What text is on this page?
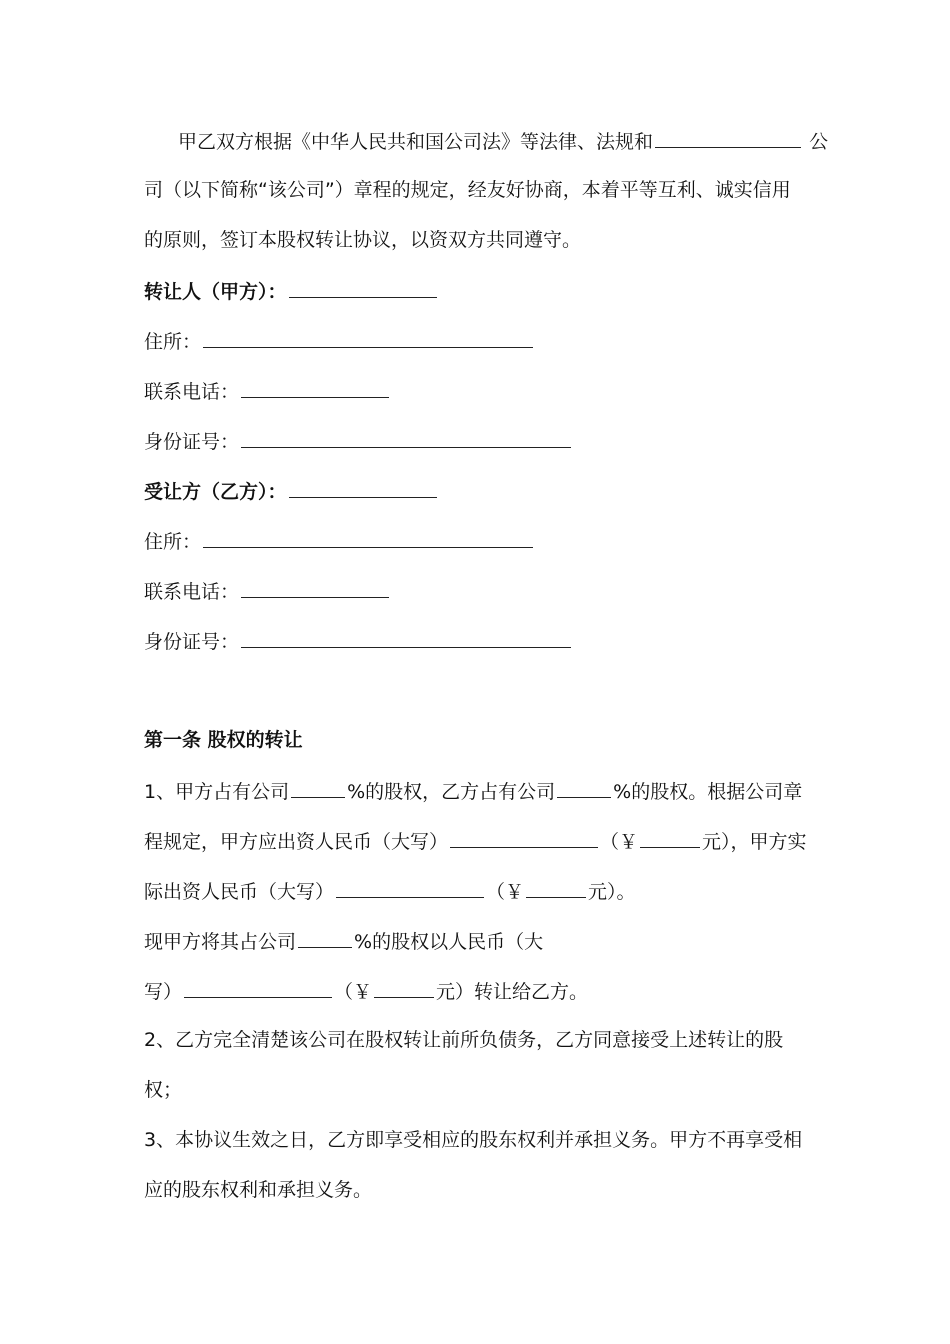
甲乙双方根据《中华人民共和国公司法》等法律、法规和	公
司（以下简称“该公司”）章程的规定，经友好协商，本着平等互利、诚实信用
的原则，签订本股权转让协议，以资双方共同遵守。
转让人（甲方）：
住所：
联系电话：
身份证号：
受让方（乙方）：
住所：
联系电话：
身份证号：
第一条 股权的转让
1、甲方占有公司	%的股权，乙方占有公司	%的股权。根据公司章
程规定，甲方应出资人民币（大写）	（￥	元），甲方实
际出资人民币（大写）	（￥	元）。
现甲方将其占公司	%的股权以人民币（大
写）	（￥	元）转让给乙方。
2、乙方完全清楚该公司在股权转让前所负债务，乙方同意接受上述转让的股
权；
3、本协议生效之日，乙方即享受相应的股东权利并承担义务。甲方不再享受相
应的股东权利和承担义务。
